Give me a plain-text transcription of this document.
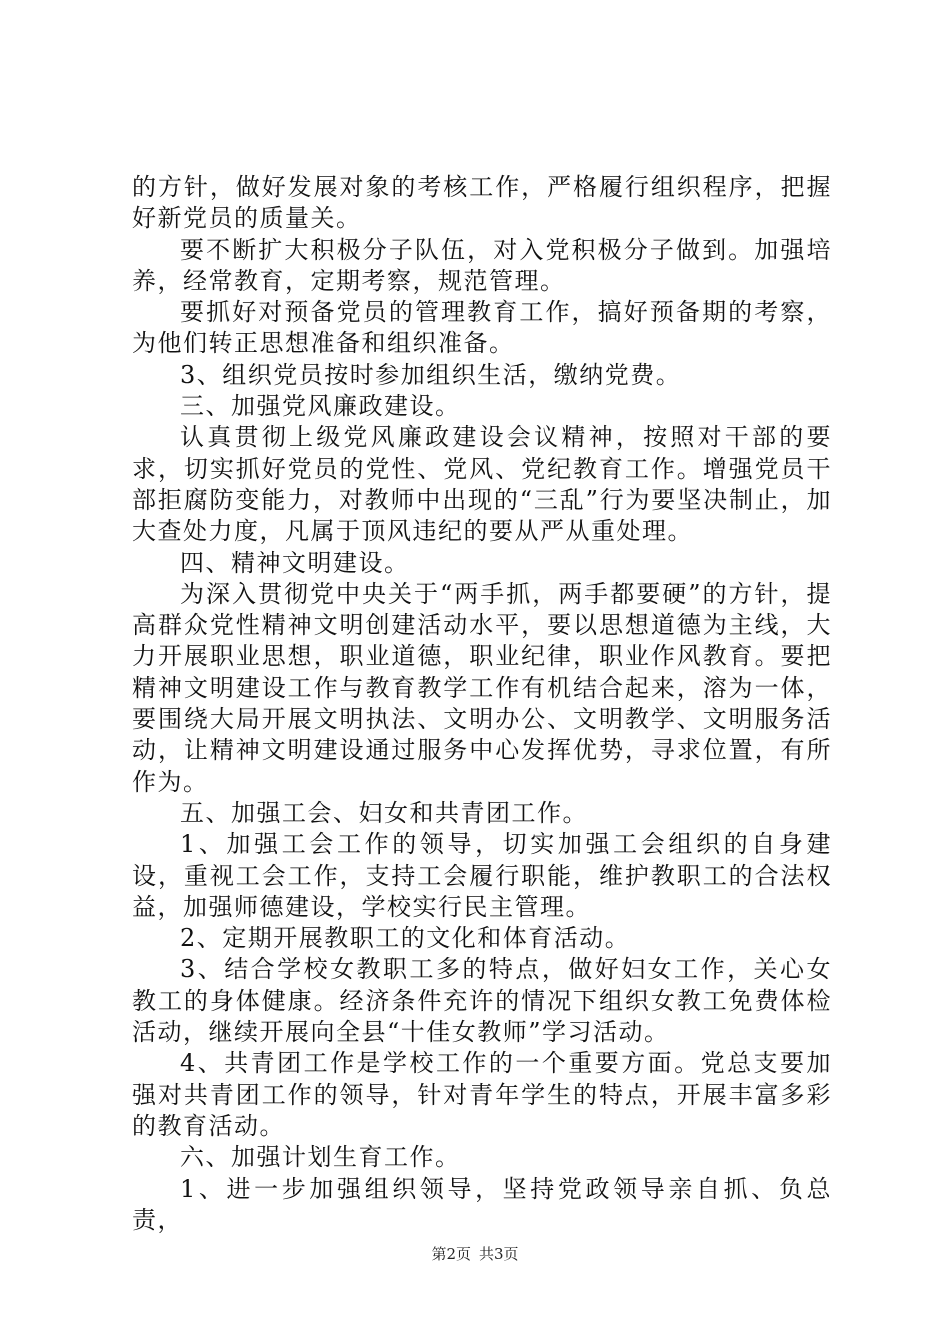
的方针，做好发展对象的考核工作，严格履行组织程序，把握好新党员的质量关。

要不断扩大积极分子队伍，对入党积极分子做到。加强培养，经常教育，定期考察，规范管理。

要抓好对预备党员的管理教育工作，搞好预备期的考察，为他们转正思想准备和组织准备。

3、组织党员按时参加组织生活，缴纳党费。

三、加强党风廉政建设。

认真贯彻上级党风廉政建设会议精神，按照对干部的要求，切实抓好党员的党性、党风、党纪教育工作。增强党员干部拒腐防变能力，对教师中出现的“三乱”行为要坚决制止，加大查处力度，凡属于顶风违纪的要从严从重处理。

四、精神文明建设。

为深入贯彻党中央关于“两手抓，两手都要硬”的方针，提高群众党性精神文明创建活动水平，要以思想道德为主线，大力开展职业思想，职业道德，职业纪律，职业作风教育。要把精神文明建设工作与教育教学工作有机结合起来，溶为一体，要围绕大局开展文明执法、文明办公、文明教学、文明服务活动，让精神文明建设通过服务中心发挥优势，寻求位置，有所作为。

五、加强工会、妇女和共青团工作。

1、加强工会工作的领导，切实加强工会组织的自身建设，重视工会工作，支持工会履行职能，维护教职工的合法权益，加强师德建设，学校实行民主管理。

2、定期开展教职工的文化和体育活动。

3、结合学校女教职工多的特点，做好妇女工作，关心女教工的身体健康。经济条件充许的情况下组织女教工免费体检活动，继续开展向全县“十佳女教师”学习活动。

4、共青团工作是学校工作的一个重要方面。党总支要加强对共青团工作的领导，针对青年学生的特点，开展丰富多彩的教育活动。

六、加强计划生育工作。

1、进一步加强组织领导，坚持党政领导亲自抓、负总责，

第2页 共3页
